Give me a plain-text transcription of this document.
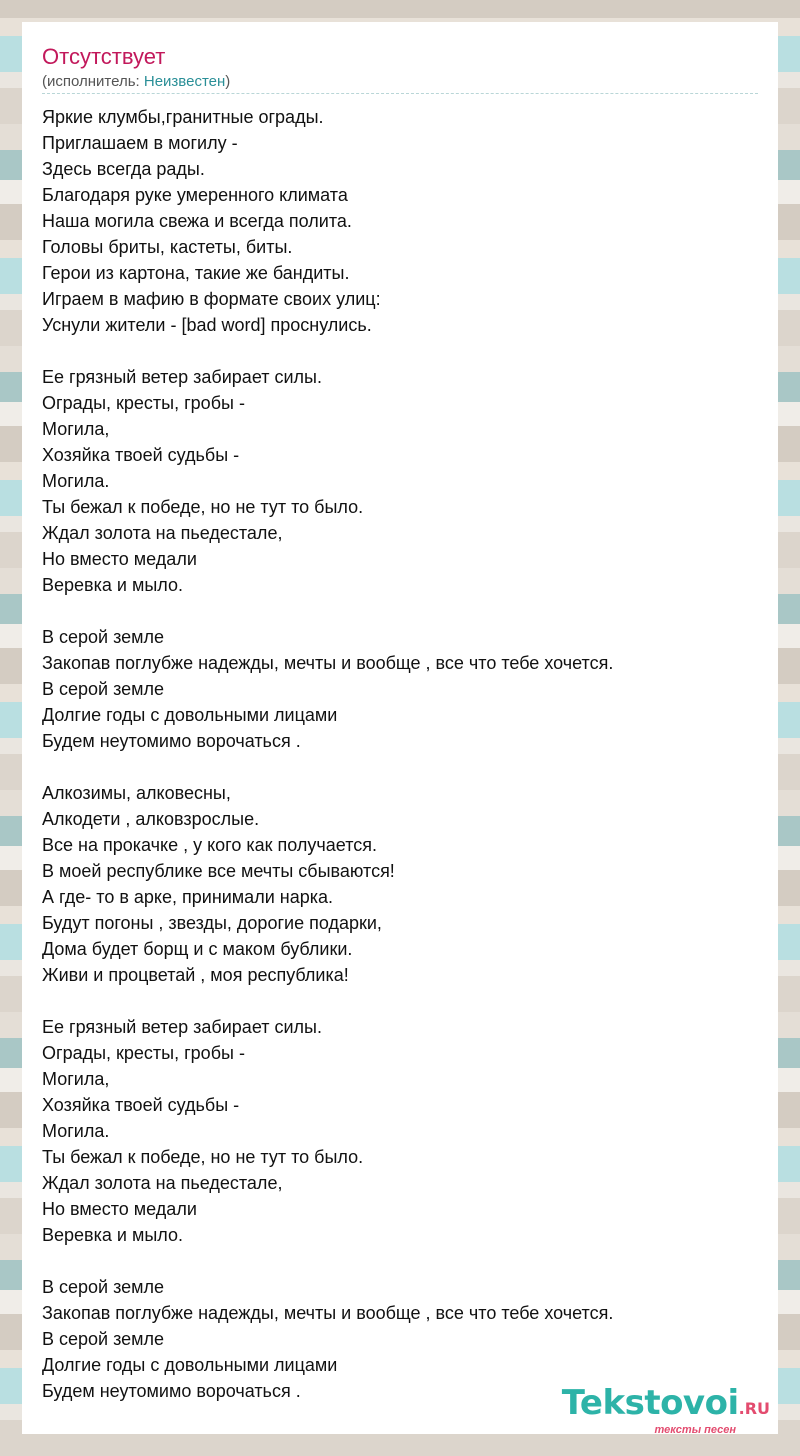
Отсутствует
(исполнитель: Неизвестен)
Яркие клумбы,гранитные ограды.
Приглашаем в могилу -
Здесь всегда рады.
Благодаря руке умеренного климата
Наша могила свежа и всегда полита.
Головы бриты, кастеты, биты.
Герои из картона, такие же бандиты.
Играем в мафию в формате своих улиц:
Уснули жители - [bad word] проснулись.
Ее грязный ветер забирает силы.
Ограды, кресты, гробы -
Могила,
Хозяйка твоей судьбы -
Могила.
Ты бежал к победе, но не тут то было.
Ждал золота на пьедестале,
Но вместо медали
Веревка и мыло.
В серой земле
Закопав поглубже надежды, мечты и вообще , все что тебе хочется.
В серой земле
Долгие годы с довольными лицами
Будем неутомимо ворочаться .
Алкозимы, алковесны,
Алкодети , алковзрослые.
Все на прокачке , у кого как получается.
В моей республике все мечты сбываются!
А где- то в арке, принимали нарка.
Будут погоны , звезды, дорогие подарки,
Дома будет борщ и с маком бублики.
Живи и процветай , моя республика!
Ее грязный ветер забирает силы.
Ограды, кресты, гробы -
Могила,
Хозяйка твоей судьбы -
Могила.
Ты бежал к победе, но не тут то было.
Ждал золота на пьедестале,
Но вместо медали
Веревка и мыло.
В серой земле
Закопав поглубже надежды, мечты и вообще , все что тебе хочется.
В серой земле
Долгие годы с довольными лицами
Будем неутомимо ворочаться .	Tekstovoi.RU
тексты песен
